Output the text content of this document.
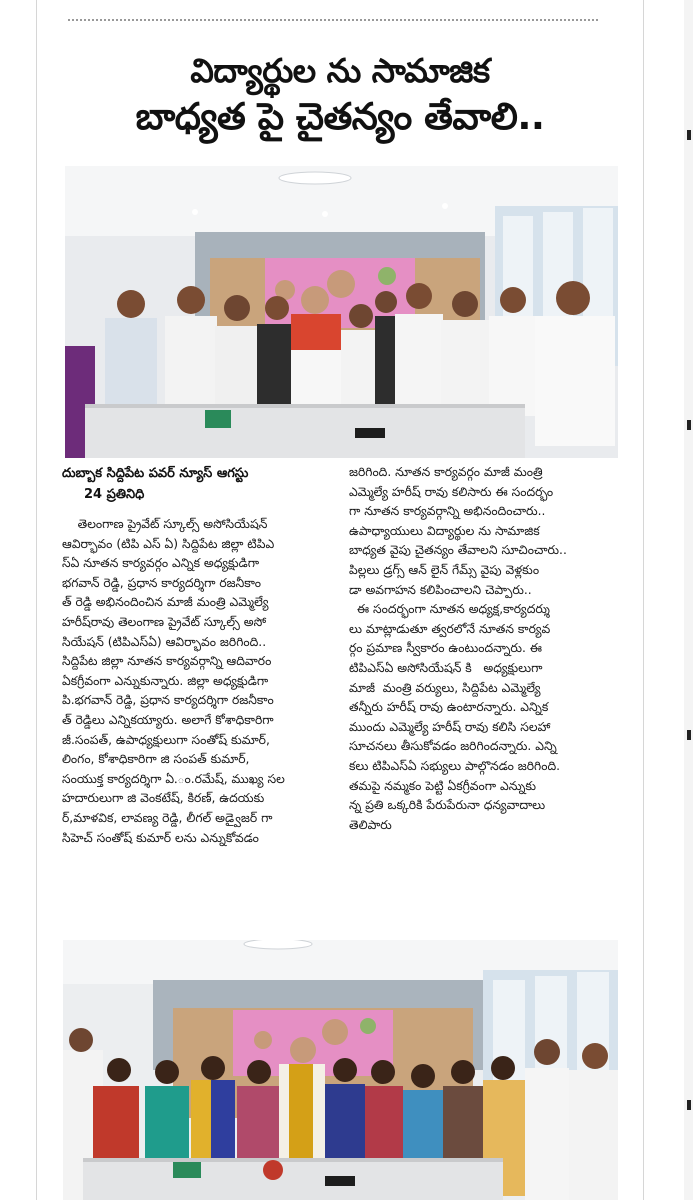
విద్యార్థుల ను సామాజిక
బాధ్యత పై చైతన్యం తేవాలి..
దుబ్బాక సిద్దిపేట పవర్ న్యూస్ ఆగస్టు
24 ప్రతినిధి

తెలంగాణ ప్రైవేట్ స్కూల్స్ అసోసియేషన్

ఆవిర్భావం (టిపి ఎస్ ఏ) సిద్దిపేట జిల్లా టిపిఎ

స్ఏ నూతన కార్యవర్గం ఎన్నిక అధ్యక్షుడిగా

భగవాన్ రెడ్డి, ప్రధాన కార్యదర్శిగా రజనీకాం

త్ రెడ్డి అభినందించిన మాజీ మంత్రి ఎమ్మెల్యే

హరీష్‌రావు తెలంగాణ ప్రైవేట్ స్కూల్స్ అసో

సియేషన్ (టిపిఎస్ఏ) ఆవిర్భావం జరిగింది..

సిద్దిపేట జిల్లా నూతన కార్యవర్గాన్ని ఆదివారం

ఏకగ్రీవంగా ఎన్నుకున్నారు. జిల్లా అధ్యక్షుడిగా

పి.భగవాన్ రెడ్డి, ప్రధాన కార్యదర్శిగా రజనీకాం

త్ రెడ్డిలు ఎన్నికయ్యారు. అలాగే కోశాధికారిగా

జీ.సంపత్, ఉపాధ్యక్షులుగా సంతోష్ కుమార్,

లింగం, కోశాధికారిగా జి సంపత్ కుమార్,

సంయుక్త కార్యదర్శిగా ఏ.ం.రమేష్, ముఖ్య సల

హదారులుగా జి వెంకటేష్, కిరణ్, ఉదయకు

ర్,మాళవిక, లావణ్య రెడ్డి, లీగల్ అడ్వైజర్ గా

సిహెచ్ సంతోష్ కుమార్ లను ఎన్నుకోవడం

జరిగింది. నూతన కార్యవర్గం మాజీ మంత్రి

ఎమ్మెల్యే హరీష్ రావు కలిసారు ఈ సందర్భం

గా నూతన కార్యవర్గాన్ని అభినందించారు..

ఉపాధ్యాయులు విద్యార్థుల ను సామాజిక

బాధ్యత వైపు చైతన్యం తేవాలని సూచించారు..

పిల్లలు డ్రగ్స్ ఆన్ లైన్ గేమ్స్ వైపు వెళ్లకుం

డా అవగాహన కలిపించాలని చెప్పారు..

ఈ సందర్భంగా నూతన అధ్యక్ష,కార్యదర్శు

లు మాట్లాడుతూ త్వరలోనే నూతన కార్యవ

ర్గం ప్రమాణ స్వీకారం ఉంటుందన్నారు. ఈ

టిపిఎస్ఏ అసోసియేషన్ కి   అధ్యక్షులుగా

మాజీ  మంత్రి వర్యులు, సిద్దిపేట ఎమ్మెల్యే

తన్నీరు హరీష్ రావు ఉంటారన్నారు. ఎన్నిక

ముందు ఎమ్మెల్యే హరీష్ రావు కలిసి సలహా

సూచనలు తీసుకోవడం జరిగిందన్నారు. ఎన్ని

కలు టిపిఎస్ఏ సభ్యులు పాల్గొనడం జరిగింది.

తమపై నమ్మకం పెట్టి ఏకగ్రీవంగా ఎన్నుకు

న్న ప్రతి ఒక్కరికి పేరుపేరునా ధన్యవాదాలు

తెలిపారు
